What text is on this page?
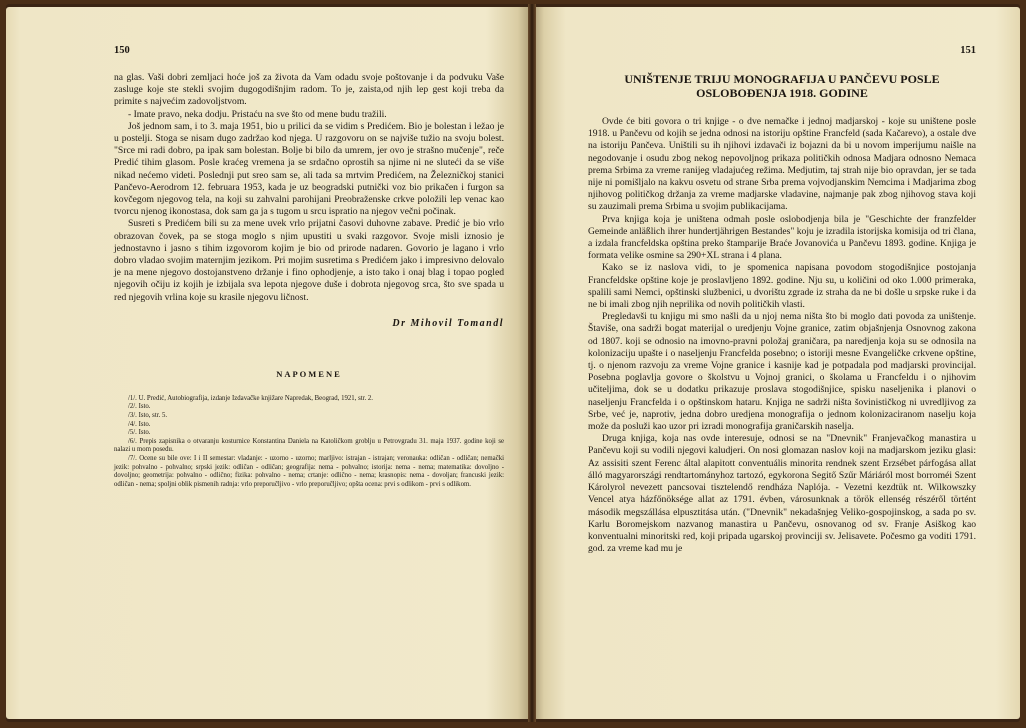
150

na glas. Vaši dobri zemljaci hoće još za života da Vam odadu svoje poštovanje i da podvuku Vaše zasluge koje ste stekli svojim dugogodišnjim radom. To je, zaista,od njih lep gest koji treba da primite s najvećim zadovoljstvom.

- Imate pravo, neka dodju. Pristaću na sve što od mene budu tražili.

Još jednom sam, i to 3. maja 1951, bio u prilici da se vidim s Predićem. Bio je bolestan i ležao je u postelji. Stoga se nisam dugo zadržao kod njega. U razgovoru on se najviše tužio na svoju bolest. "Srce mi radi dobro, pa ipak sam bolestan. Bolje bi bilo da umrem, jer ovo je strašno mučenje", reče Predić tihim glasom. Posle kraćeg vremena ja se srdačno oprostih sa njime ni ne sluteći da se više nikad nećemo videti. Poslednji put sreo sam se, ali tada sa mrtvim Predićem, na Železničkoj stanici Pančevo-Aerodrom 12. februara 1953, kada je uz beogradski putnički voz bio prikačen i furgon sa kovčegom njegovog tela, na koji su zahvalni parohijani Preobraženske crkve položili lep venac kao tvorcu njenog ikonostasa, dok sam ga ja s tugom u srcu ispratio na njegov večni počinak.

Susreti s Predićem bili su za mene uvek vrlo prijatni časovi duhovne zabave. Predić je bio vrlo obrazovan čovek, pa se stoga moglo s njim upustiti u svaki razgovor. Svoje misli iznosio je jednostavno i jasno s tihim izgovorom kojim je bio od prirode nadaren. Govorio je lagano i vrlo dobro vladao svojim maternjim jezikom. Pri mojim susretima s Predićem jako i impresivno delovalo je na mene njegovo dostojanstveno držanje i fino ophodjenje, a isto tako i onaj blag i topao pogled njegovih očiju iz kojih je izbijala sva lepota njegove duše i dobrota njegovog srca, što sve spada u red njegovih vrlina koje su krasile njegovu ličnost.

Dr Mihovil Tomandl
NAPOMENE

/1/. U. Predić, Autobiografija, izdanje Izdavačke knjižare Napredak, Beograd, 1921, str. 2.

/2/. Isto.

/3/. Isto, str. 5.

/4/. Isto.

/5/. Isto.

/6/. Prepis zapisnika o otvaranju kosturnice Konstantina Daniela na Katoličkom groblju u Petrovgradu 31. maja 1937. godine koji se nalazi u mom posedu.

/7/. Ocene su bile ove: I i II semestar: vladanje: - uzorno - uzorno; marljivo: istrajan - istrajan; veronauka: odličan - odličan; nemački jezik: pohvalno - pohvalno; srpski jezik: odličan - odličan; geografija: nema - pohvalno; istorija: nema - nema; matematika: dovoljno - dovoljno; geometrija: pohvalno - odlično; fizika: pohvalno - nema; crtanje: odlično - nema; krasnopis: nema - dovoljan; francuski jezik: odličan - nema; spoljni oblik pismenih radnja: vrlo preporučljivo - vrlo preporučljivo; opšta ocena: prvi s odlikom - prvi s odlikom.

151
UNIŠTENJE TRIJU MONOGRAFIJA U PANČEVU POSLE
OSLOBOĐENJA 1918. GODINE

Ovde će biti govora o tri knjige - o dve nemačke i jednoj madjarskoj - koje su uništene posle 1918. u Pančevu od kojih se jedna odnosi na istoriju opštine Francfeld (sada Kačarevo), a ostale dve na istoriju Pančeva. Uništili su ih njihovi izdavači iz bojazni da bi u novom imperijumu naišle na negodovanje i osudu zbog nekog nepovoljnog prikaza političkih odnosa Madjara odnosno Nemaca prema Srbima za vreme ranijeg vladajućeg režima. Medjutim, taj strah nije bio opravdan, jer se tada nije ni pomišljalo na kakvu osvetu od strane Srba prema vojvodjanskim Nemcima i Madjarima zbog njihovog političkog držanja za vreme madjarske vladavine, najmanje pak zbog njihovog stava koji su zauzimali prema Srbima u svojim publikacijama.

Prva knjiga koja je uništena odmah posle oslobodjenja bila je "Geschichte der franzfelder Gemeinde anläßlich ihrer hundertjährigen Bestandes" koju je izradila istorijska komisija od tri člana, a izdala francfeldska opština preko štamparije Braće Jovanovića u Pančevu 1893. godine. Knjiga je formata velike osmine sa 290+XL strana i 4 plana.

Kako se iz naslova vidi, to je spomenica napisana povodom stogodišnjice postojanja Francfeldske opštine koje je proslavljeno 1892. godine. Nju su, u količini od oko 1.000 primeraka, spalili sami Nemci, opštinski službenici, u dvorištu zgrade iz straha da ne bi došle u srpske ruke i da ne bi imali zbog njih neprilika od novih političkih vlasti.

Pregledavši tu knjigu mi smo našli da u njoj nema ništa što bi moglo dati povoda za uništenje. Štaviše, ona sadrži bogat materijal o uredjenju Vojne granice, zatim objašnjenja Osnovnog zakona od 1807. koji se odnosio na imovno-pravni položaj graničara, pa naredjenja koja su se odnosila na kolonizaciju upašte i o naseljenju Francfelda posebno; o istoriji mesne Evangeličke crkvene opštine, tj. o njenom razvoju za vreme Vojne granice i kasnije kad je potpadala pod madjarski provincijal. Posebna poglavlja govore o školstvu u Vojnoj granici, o školama u Francfeldu i o njihovim učiteljima, dok se u dodatku prikazuje proslava stogodišnjice, spisku naseljenika i planovi o naseljenju Francfelda i o opštinskom hataru. Knjiga ne sadrži ništa šovinističkog ni uvredljivog za Srbe, već je, naprotiv, jedna dobro uredjena monografija o jednom kolonizaciranom naselju koja može da posluži kao uzor pri izradi monografija graničarskih naselja.

Druga knjiga, koja nas ovde interesuje, odnosi se na "Dnevnik" Franjevačkog manastira u Pančevu koji su vodili njegovi kaludjeri. On nosi glomazan naslov koji na madjarskom jeziku glasi: Az assisiti szent Ferenc által alapitott conventuális minorita rendnek szent Erzsébet párfogása allat álló magyarországi rendtartományhoz tartozó, egykorona Segitő Szűr Máriáról most borroméi Szent Károlyrol nevezett pancsovai tisztelendő rendháza Naplója. - Vezetni kezdtük nt. Wilkowszky Vencel atya házfőnöksége allat az 1791. évben, városunknak a török ellenség részéről történt második megszállása elpusztitása után. ("Dnevnik" nekadašnjeg Veliko-gospojinskog, a sada po sv. Karlu Boromejskom nazvanog manastira u Pančevu, osnovanog od sv. Franje Asiškog kao konventualni minoritski red, koji pripada ugarskoj provinciji sv. Jelisavete. Počesmo ga voditi 1791. god. za vreme kad mu je
